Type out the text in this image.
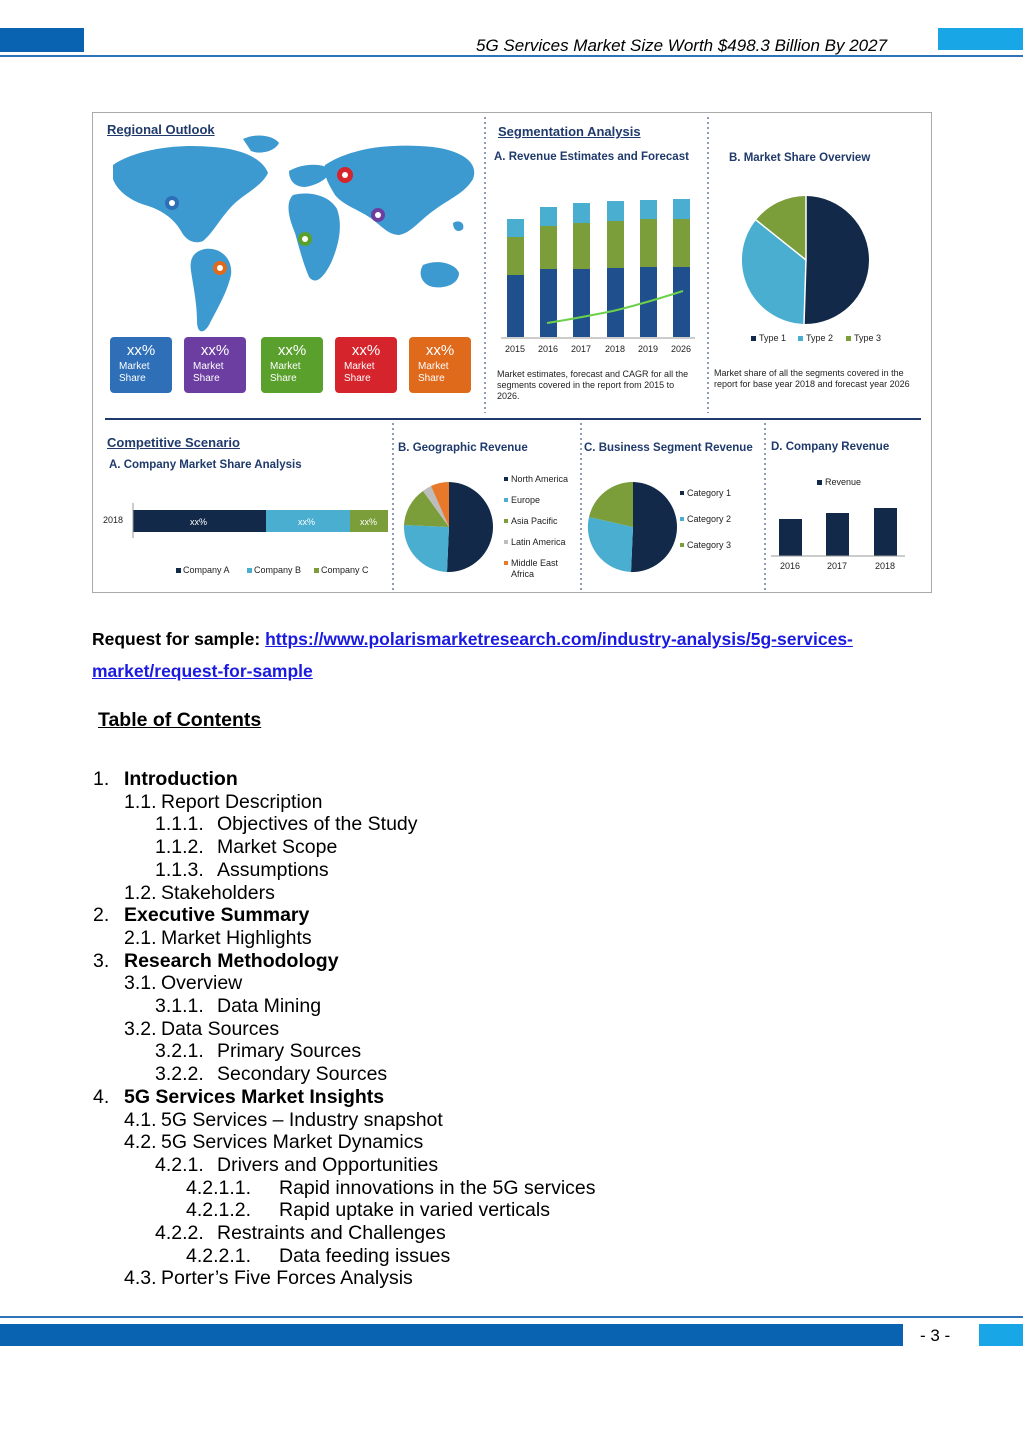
5G Services Market Size Worth $498.3 Billion By 2027
Regional Outlook
xx%
Market
Share
xx%
Market
Share
xx%
Market
Share
xx%
Market
Share
xx%
Market
Share
Segmentation Analysis
A. Revenue Estimates and Forecast
2015 2016 2017 2018 2019 2026
Market estimates, forecast and CAGR for all the segments covered in the report from 2015 to 2026.
B. Market Share Overview
Type 1 Type 2 Type 3
Market share of all the segments covered in the report for base year 2018 and forecast year 2026
Competitive Scenario
A. Company Market Share Analysis
2018	xx%	xx%	xx%
Company A	Company B Company C
B. Geographic Revenue
North America
Europe
Asia Pacific
Latin America
Middle East
Africa
C. Business Segment Revenue
Category 1
Category 2
Category 3
D. Company Revenue
Revenue
2016	2017	2018
Request for sample: https://www.polarismarketresearch.com/industry-analysis/5g-services-
market/request-for-sample
Table of Contents
1. Introduction
1.1. Report Description
1.1.1. Objectives of the Study
1.1.2. Market Scope
1.1.3. Assumptions
1.2. Stakeholders
2. Executive Summary
2.1. Market Highlights
3. Research Methodology
3.1. Overview
3.1.1. Data Mining
3.2. Data Sources
3.2.1. Primary Sources
3.2.2. Secondary Sources
4. 5G Services Market Insights
4.1. 5G Services – Industry snapshot
4.2. 5G Services Market Dynamics
4.2.1. Drivers and Opportunities
4.2.1.1. Rapid innovations in the 5G services
4.2.1.2. Rapid uptake in varied verticals
4.2.2. Restraints and Challenges
4.2.2.1. Data feeding issues
4.3. Porter’s Five Forces Analysis
- 3 -
